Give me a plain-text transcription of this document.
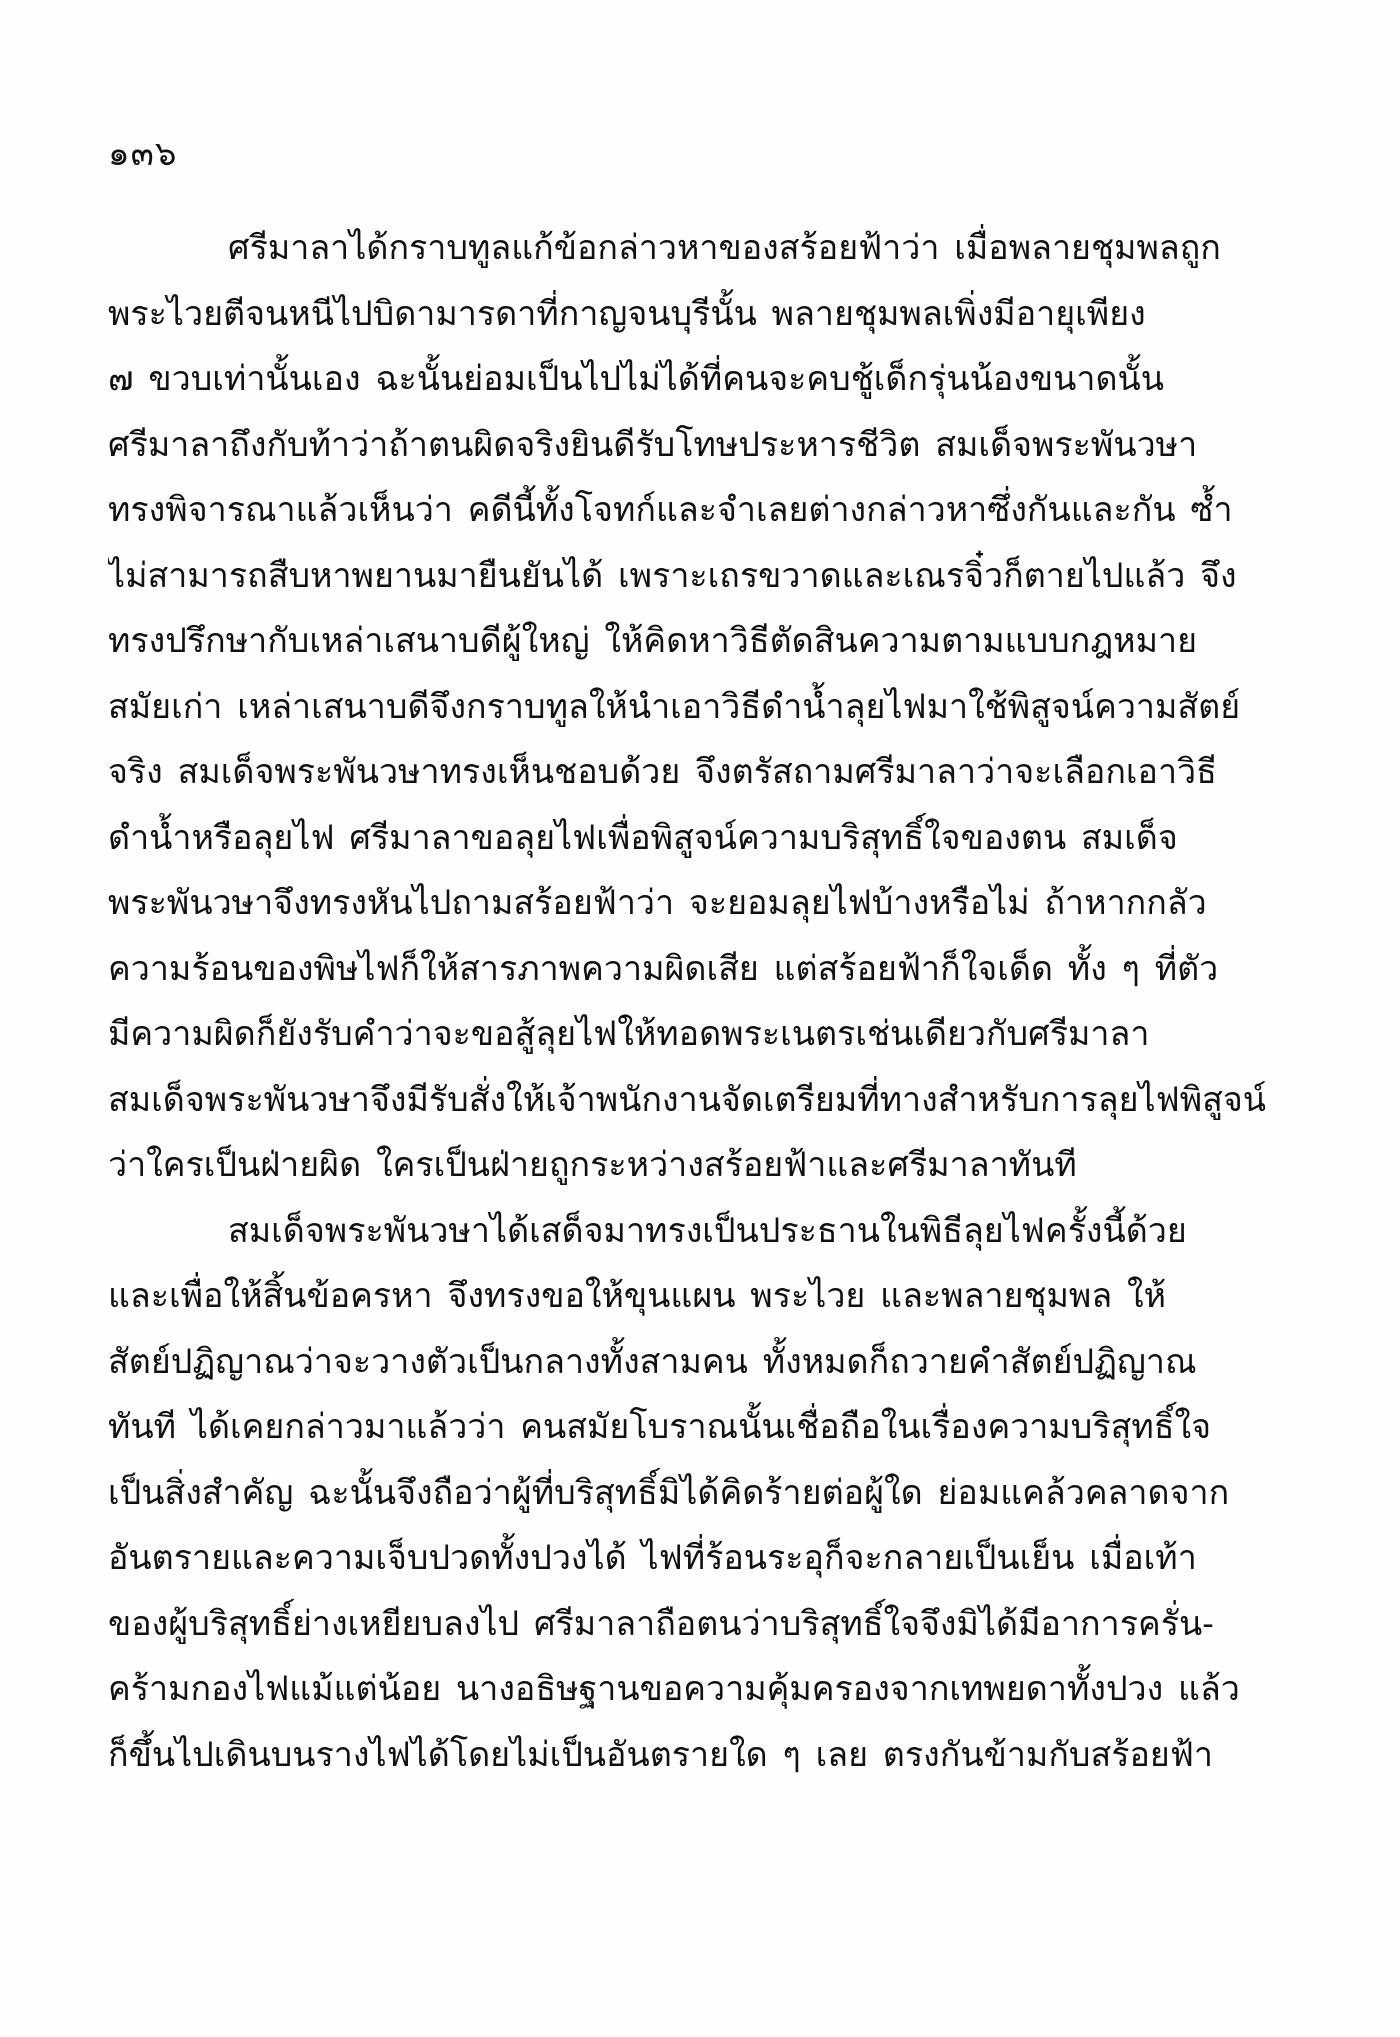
๑๓๖
ศรีมาลาได้กราบทูลแก้ข้อกล่าวหาของสร้อยฟ้าว่า เมื่อพลายชุมพลถูก
พระไวยตีจนหนีไปบิดามารดาที่กาญจนบุรีนั้น พลายชุมพลเพิ่งมีอายุเพียง
๗ ขวบเท่านั้นเอง ฉะนั้นย่อมเป็นไปไม่ได้ที่คนจะคบชู้เด็กรุ่นน้องขนาดนั้น
ศรีมาลาถึงกับท้าว่าถ้าตนผิดจริงยินดีรับโทษประหารชีวิต สมเด็จพระพันวษา
ทรงพิจารณาแล้วเห็นว่า คดีนี้ทั้งโจทก์และจำเลยต่างกล่าวหาซึ่งกันและกัน ซ้ำ
ไม่สามารถสืบหาพยานมายืนยันได้ เพราะเถรขวาดและเณรจิ๋วก็ตายไปแล้ว จึง
ทรงปรึกษากับเหล่าเสนาบดีผู้ใหญ่ ให้คิดหาวิธีตัดสินความตามแบบกฎหมาย
สมัยเก่า เหล่าเสนาบดีจึงกราบทูลให้นำเอาวิธีดำน้ำลุยไฟมาใช้พิสูจน์ความสัตย์
จริง สมเด็จพระพันวษาทรงเห็นชอบด้วย จึงตรัสถามศรีมาลาว่าจะเลือกเอาวิธี
ดำน้ำหรือลุยไฟ ศรีมาลาขอลุยไฟเพื่อพิสูจน์ความบริสุทธิ์ใจของตน สมเด็จ
พระพันวษาจึงทรงหันไปถามสร้อยฟ้าว่า จะยอมลุยไฟบ้างหรือไม่ ถ้าหากกลัว
ความร้อนของพิษไฟก็ให้สารภาพความผิดเสีย แต่สร้อยฟ้าก็ใจเด็ด ทั้ง ๆ ที่ตัว
มีความผิดก็ยังรับคำว่าจะขอสู้ลุยไฟให้ทอดพระเนตรเช่นเดียวกับศรีมาลา
สมเด็จพระพันวษาจึงมีรับสั่งให้เจ้าพนักงานจัดเตรียมที่ทางสำหรับการลุยไฟพิสูจน์
ว่าใครเป็นฝ่ายผิด ใครเป็นฝ่ายถูกระหว่างสร้อยฟ้าและศรีมาลาทันที
สมเด็จพระพันวษาได้เสด็จมาทรงเป็นประธานในพิธีลุยไฟครั้งนี้ด้วย
และเพื่อให้สิ้นข้อครหา จึงทรงขอให้ขุนแผน พระไวย และพลายชุมพล ให้
สัตย์ปฏิญาณว่าจะวางตัวเป็นกลางทั้งสามคน ทั้งหมดก็ถวายคำสัตย์ปฏิญาณ
ทันที ได้เคยกล่าวมาแล้วว่า คนสมัยโบราณนั้นเชื่อถือในเรื่องความบริสุทธิ์ใจ
เป็นสิ่งสำคัญ ฉะนั้นจึงถือว่าผู้ที่บริสุทธิ์มิได้คิดร้ายต่อผู้ใด ย่อมแคล้วคลาดจาก
อันตรายและความเจ็บปวดทั้งปวงได้ ไฟที่ร้อนระอุก็จะกลายเป็นเย็น เมื่อเท้า
ของผู้บริสุทธิ์ย่างเหยียบลงไป ศรีมาลาถือตนว่าบริสุทธิ์ใจจึงมิได้มีอาการครั่น-
คร้ามกองไฟแม้แต่น้อย นางอธิษฐานขอความคุ้มครองจากเทพยดาทั้งปวง แล้ว
ก็ขึ้นไปเดินบนรางไฟได้โดยไม่เป็นอันตรายใด ๆ เลย ตรงกันข้ามกับสร้อยฟ้า
